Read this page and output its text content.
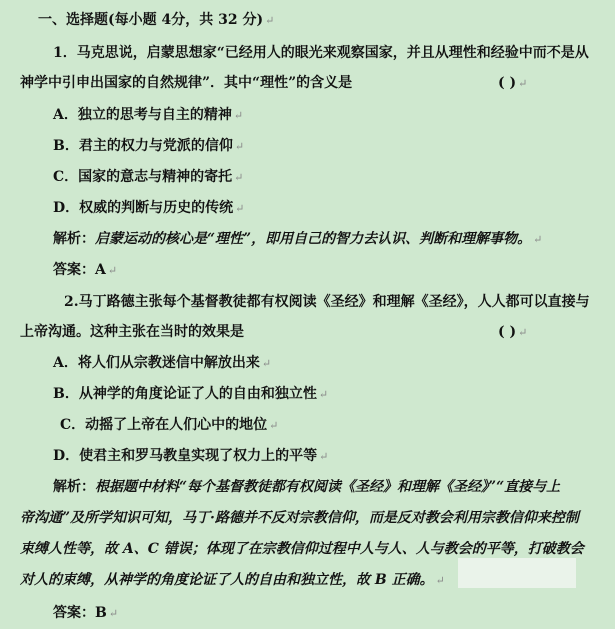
一、选择题(每小题 4分，共 32 分) ↵
1．马克思说，启蒙思想家“已经用人的眼光来观察国家，并且从理性和经验中而不是从
神学中引申出国家的自然规律”．其中“理性”的含义是	( ) ↵
A．独立的思考与自主的精神 ↵
B．君主的权力与党派的信仰 ↵
C．国家的意志与精神的寄托 ↵
D．权威的判断与历史的传统 ↵
解析：启蒙运动的核心是“理性”，即用自己的智力去认识、判断和理解事物。 ↵
答案：A ↵
2.马丁路德主张每个基督教徒都有权阅读《圣经》和理解《圣经》，人人都可以直接与
上帝沟通。这种主张在当时的效果是	( ) ↵
A．将人们从宗教迷信中解放出来 ↵
B．从神学的角度论证了人的自由和独立性 ↵
C．动摇了上帝在人们心中的地位 ↵
D．使君主和罗马教皇实现了权力上的平等 ↵
解析：根据题中材料“每个基督教徒都有权阅读《圣经》和理解《圣经》”“直接与上
帝沟通”及所学知识可知，马丁·路德并不反对宗教信仰，而是反对教会利用宗教信仰来控制
束缚人性等，故 A、C 错误；体现了在宗教信仰过程中人与人、人与教会的平等，打破教会
对人的束缚，从神学的角度论证了人的自由和独立性，故 B 正确。 ↵
答案：B ↵
